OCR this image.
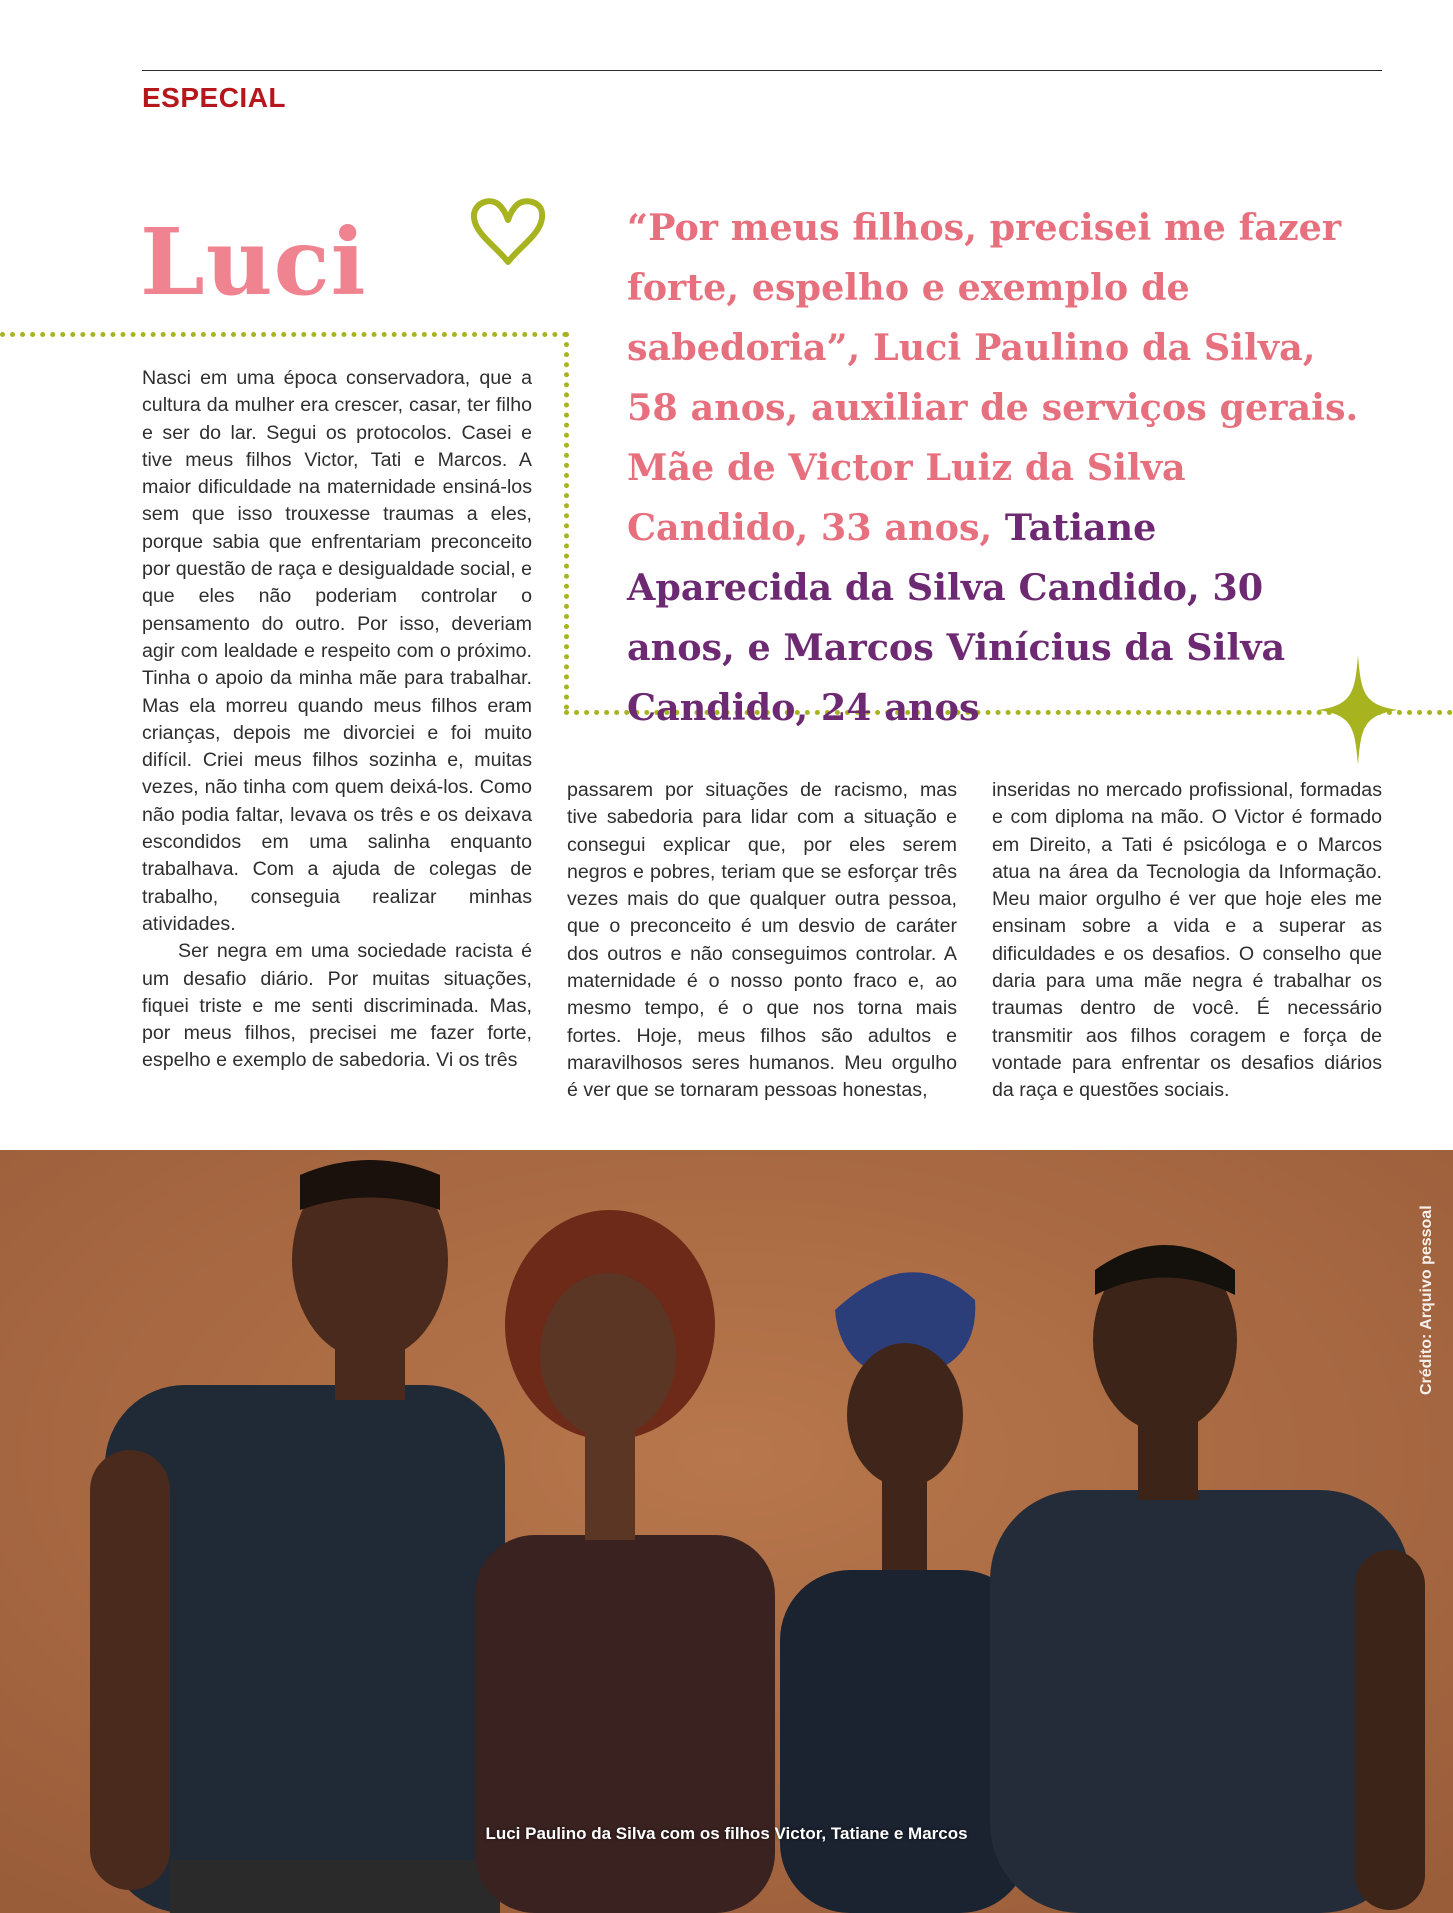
ESPECIAL
Luci	“Por meus filhos, precisei me fazer forte, espelho e exemplo de sabedoria”, Luci Paulino da Silva, 58 anos, auxiliar de serviços gerais. Mãe de Victor Luiz da Silva Candido, 33 anos, Tatiane Aparecida da Silva Candido, 30 anos, e Marcos Vinícius da Silva Candido, 24 anos

Nasci em uma época conservadora, que a cultura da mulher era crescer, casar, ter filho e ser do lar. Segui os protocolos. Casei e tive meus filhos Victor, Tati e Marcos. A maior dificuldade na maternidade ensiná-los sem que isso trouxesse traumas a eles, porque sabia que enfrentariam preconceito por questão de raça e desigualdade social, e que eles não poderiam controlar o pensamento do outro. Por isso, deveriam agir com lealdade e respeito com o próximo. Tinha o apoio da minha mãe para trabalhar. Mas ela morreu quando meus filhos eram crianças, depois me divorciei e foi muito difícil. Criei meus filhos sozinha e, muitas vezes, não tinha com quem deixá-los. Como não podia faltar, levava os três e os deixava escondidos em uma salinha enquanto trabalhava. Com a ajuda de colegas de trabalho, conseguia realizar minhas atividades.

Ser negra em uma sociedade racista é um desafio diário. Por muitas situações, fiquei triste e me senti discriminada. Mas, por meus filhos, precisei me fazer forte, espelho e exemplo de sabedoria. Vi os três

passarem por situações de racismo, mas tive sabedoria para lidar com a situação e consegui explicar que, por eles serem negros e pobres, teriam que se esforçar três vezes mais do que qualquer outra pessoa, que o preconceito é um desvio de caráter dos outros e não conseguimos controlar. A maternidade é o nosso ponto fraco e, ao mesmo tempo, é o que nos torna mais fortes. Hoje, meus filhos são adultos e maravilhosos seres humanos. Meu orgulho é ver que se tornaram pessoas honestas,

inseridas no mercado profissional, formadas e com diploma na mão. O Victor é formado em Direito, a Tati é psicóloga e o Marcos atua na área da Tecnologia da Informação. Meu maior orgulho é ver que hoje eles me ensinam sobre a vida e a superar as dificuldades e os desafios. O conselho que daria para uma mãe negra é trabalhar os traumas dentro de você. É necessário transmitir aos filhos coragem e força de vontade para enfrentar os desafios diários da raça e questões sociais.

Crédito: Arquivo pessoal
Luci Paulino da Silva com os filhos Victor, Tatiane e Marcos
